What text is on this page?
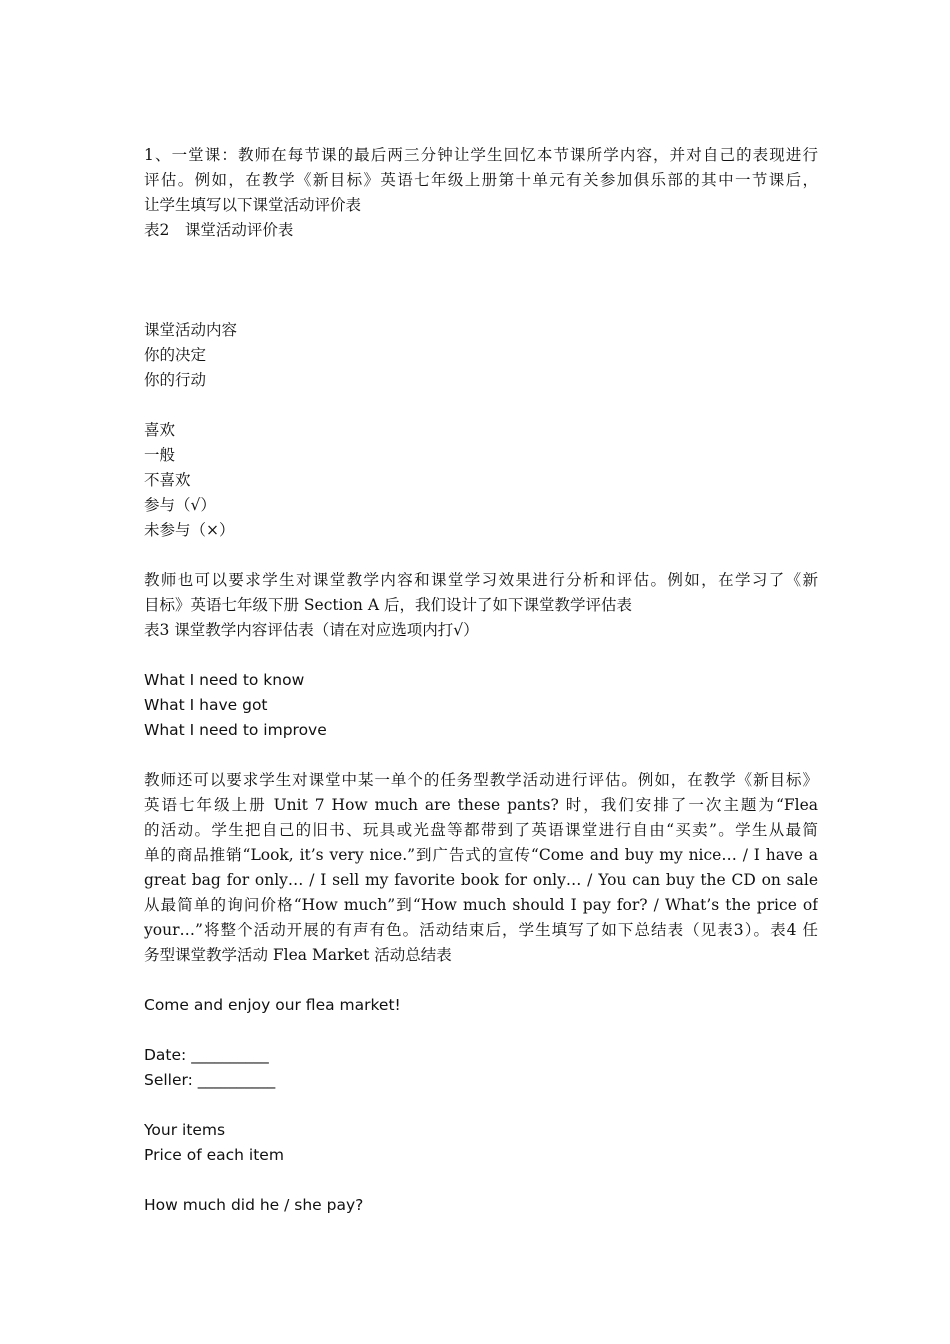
1、一堂课：教师在每节课的最后两三分钟让学生回忆本节课所学内容，并对自己的表现进行
评估。例如，在教学《新目标》英语七年级上册第十单元有关参加俱乐部的其中一节课后，
让学生填写以下课堂活动评价表
表2　课堂活动评价表
课堂活动内容
你的决定
你的行动
喜欢
一般
不喜欢
参与（√）
未参与（×）
教师也可以要求学生对课堂教学内容和课堂学习效果进行分析和评估。例如，在学习了《新
目标》英语七年级下册 Section A 后，我们设计了如下课堂教学评估表
表3 课堂教学内容评估表（请在对应选项内打√）
What I need to know
What I have got
What I need to improve
教师还可以要求学生对课堂中某一单个的任务型教学活动进行评估。例如，在教学《新目标》
英语七年级上册 Unit 7 How much are these pants? 时，我们安排了一次主题为“Flea
的活动。学生把自己的旧书、玩具或光盘等都带到了英语课堂进行自由“买卖”。学生从最简
单的商品推销“Look, it’s very nice.”到广告式的宣传“Come and buy my nice… / I have a
great bag for only… / I sell my favorite book for only… / You can buy the CD on sale
从最简单的询问价格“How much”到“How much should I pay for? / What’s the price of
your…”将整个活动开展的有声有色。活动结束后，学生填写了如下总结表（见表3）。表4 任
务型课堂教学活动 Flea Market 活动总结表
Come and enjoy our flea market!
Date: __________
Seller: __________
Your items
Price of each item
How much did he / she pay?
